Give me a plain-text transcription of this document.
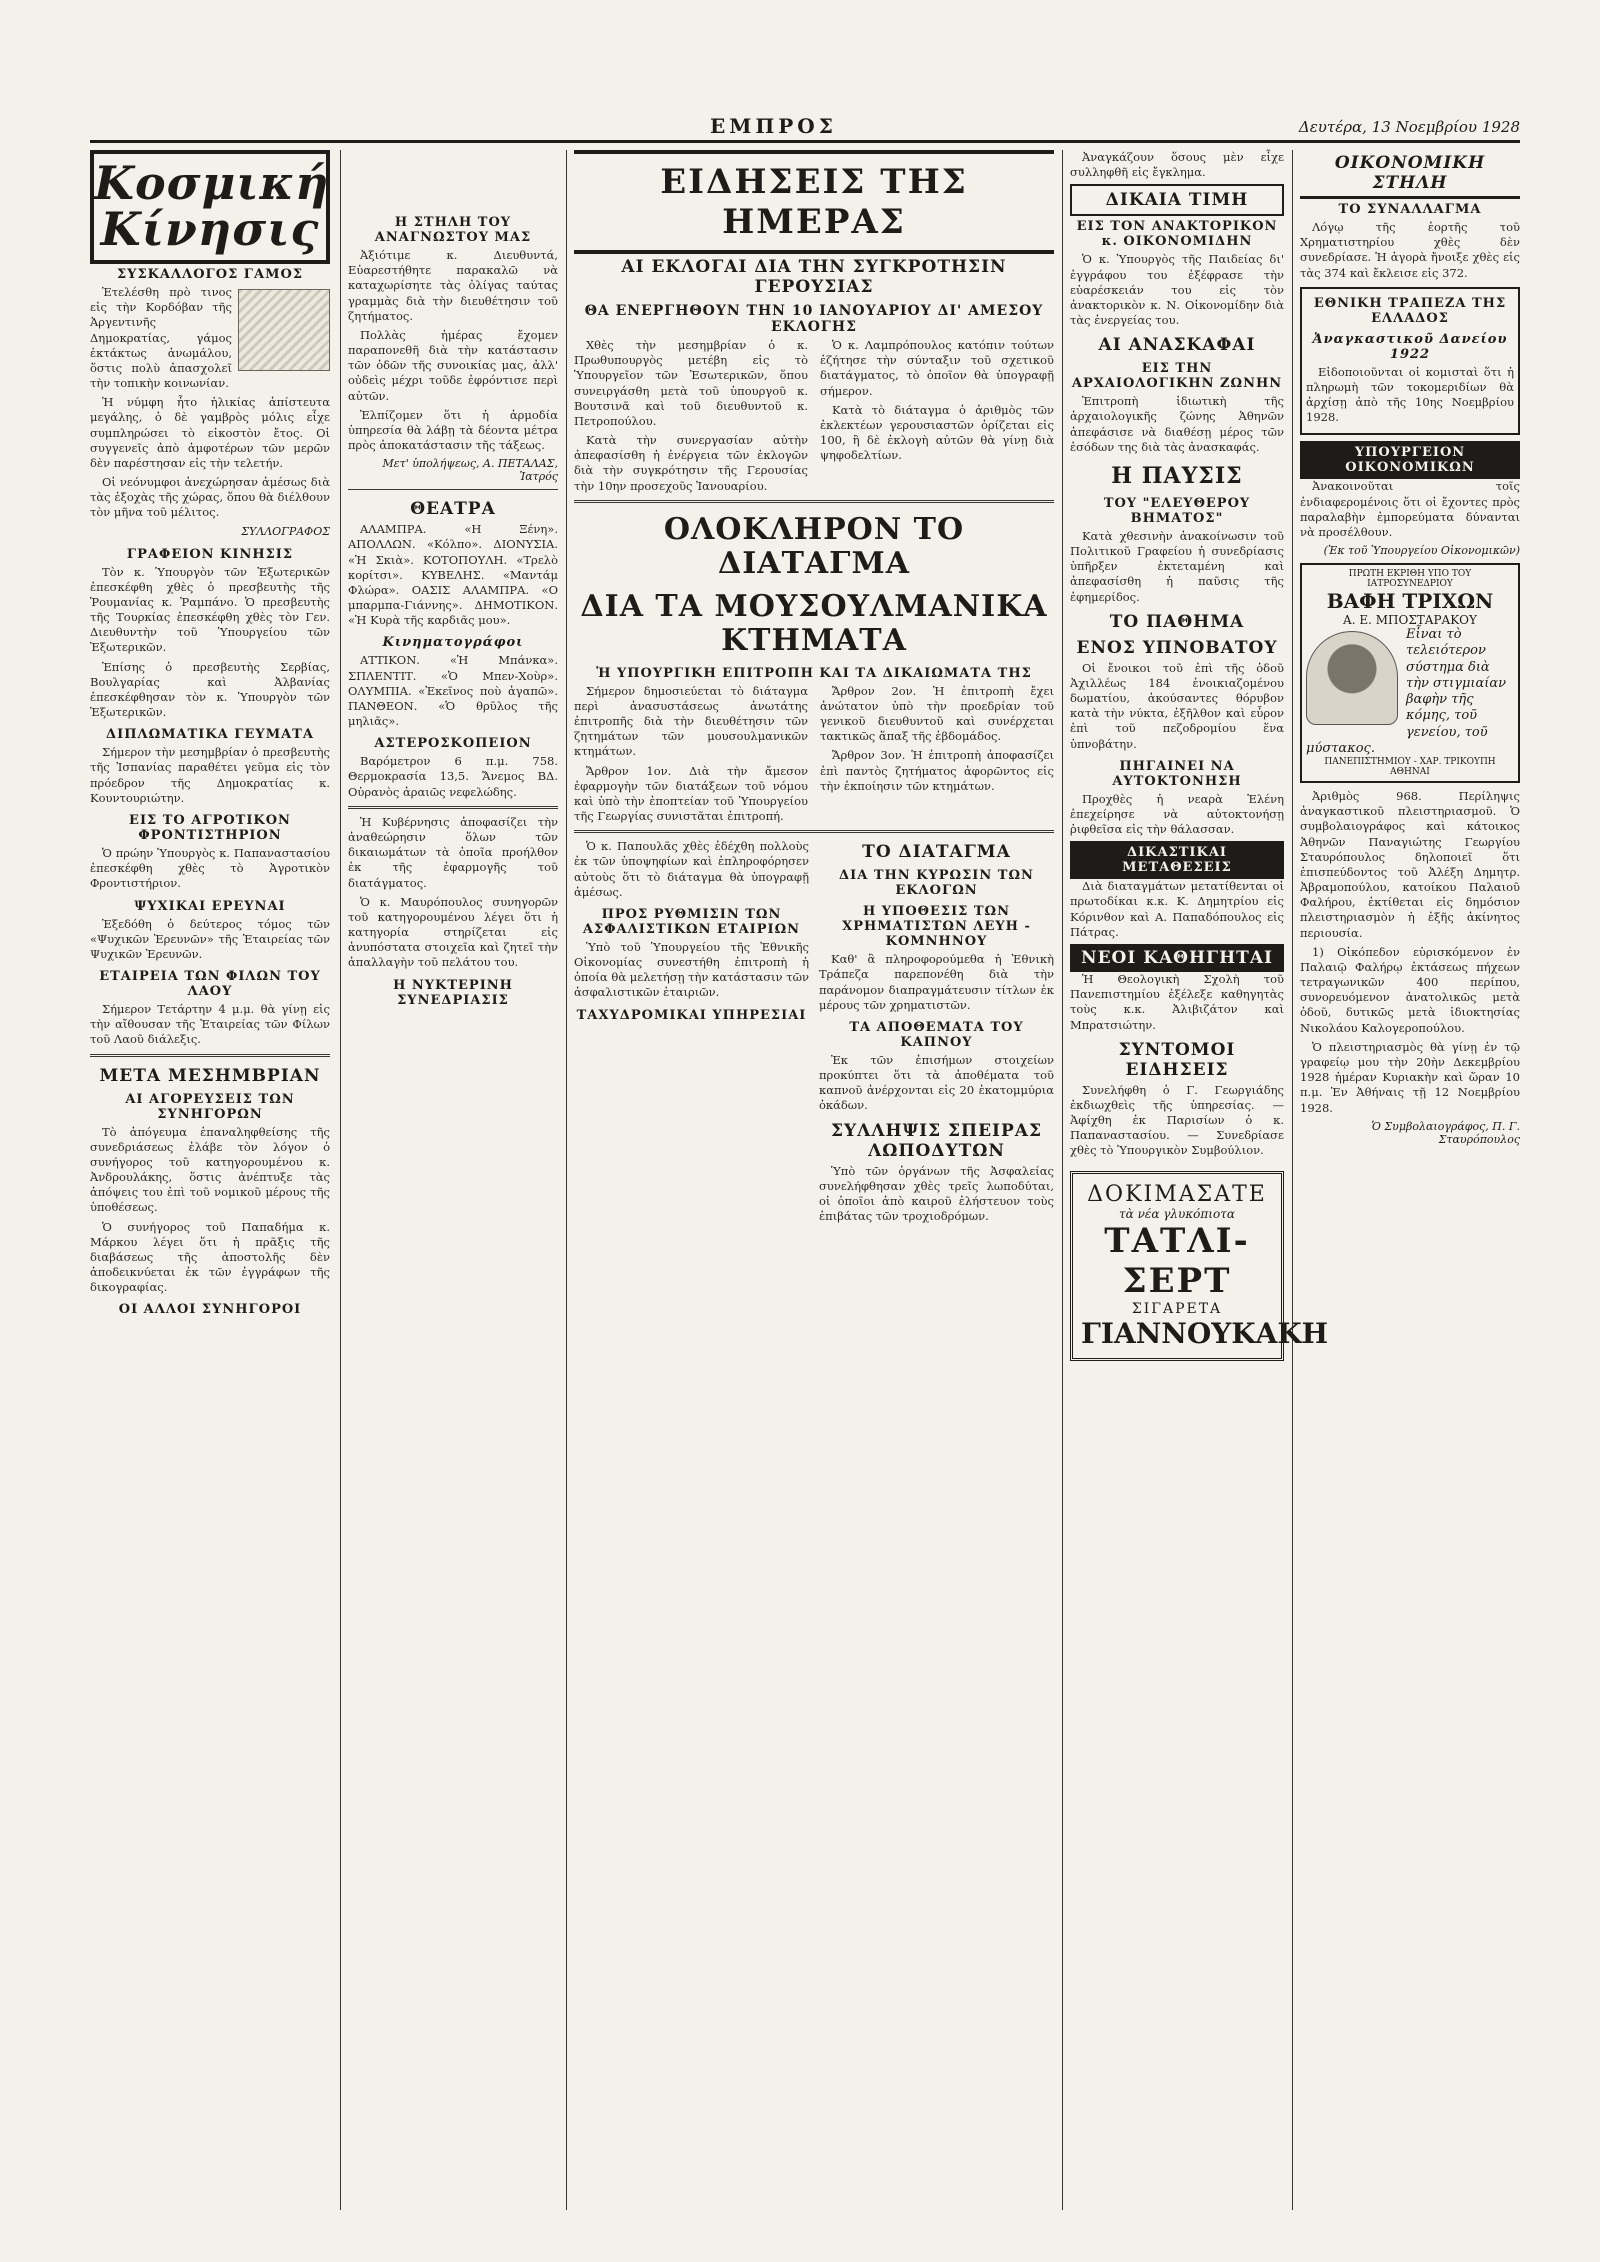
ΕΜΠΡΟΣ	Δευτέρα, 13 Νοεμβρίου 1928
Κοσμική Κίνησις
ΣΥΣΚΑΛΛΟΓΟΣ ΓΑΜΟΣ

Ἐτελέσθη πρὸ τινος εἰς τὴν Κορδόβαν τῆς Ἀργεντινῆς Δημοκρατίας, γάμος ἐκτάκτως ἀνωμάλου, ὅστις πολὺ ἀπασχολεῖ τὴν τοπικὴν κοινωνίαν.

Ἡ νύμφη ἦτο ἡλικίας ἀπίστευτα μεγάλης, ὁ δὲ γαμβρὸς μόλις εἶχε συμπληρώσει τὸ εἰκοστὸν ἔτος. Οἱ συγγενεῖς ἀπὸ ἀμφοτέρων τῶν μερῶν δὲν παρέστησαν εἰς τὴν τελετήν.

Οἱ νεόνυμφοι ἀνεχώρησαν ἀμέσως διὰ τὰς ἐξοχὰς τῆς χώρας, ὅπου θὰ διέλθουν τὸν μῆνα τοῦ μέλιτος.

ΣΥΛΛΟΓΡΑΦΟΣ
ΓΡΑΦΕΙΟΝ ΚΙΝΗΣΙΣ

Τὸν κ. Ὑπουργὸν τῶν Ἐξωτερικῶν ἐπεσκέφθη χθὲς ὁ πρεσβευτὴς τῆς Ῥουμανίας κ. Ῥαμπάνο. Ὁ πρεσβευτὴς τῆς Τουρκίας ἐπεσκέφθη χθὲς τὸν Γεν. Διευθυντὴν τοῦ Ὑπουργείου τῶν Ἐξωτερικῶν.

Ἐπίσης ὁ πρεσβευτὴς Σερβίας, Βουλγαρίας καὶ Ἀλβανίας ἐπεσκέφθησαν τὸν κ. Ὑπουργὸν τῶν Ἐξωτερικῶν.

ΔΙΠΛΩΜΑΤΙΚΑ ΓΕΥΜΑΤΑ

Σήμερον τὴν μεσημβρίαν ὁ πρεσβευτὴς τῆς Ἰσπανίας παραθέτει γεῦμα εἰς τὸν πρόεδρον τῆς Δημοκρατίας κ. Κουντουριώτην.

ΕΙΣ ΤΟ ΑΓΡΟΤΙΚΟΝ ΦΡΟΝΤΙΣΤΗΡΙΟΝ

Ὁ πρώην Ὑπουργὸς κ. Παπαναστασίου ἐπεσκέφθη χθὲς τὸ Ἀγροτικὸν Φροντιστήριον.

ΨΥΧΙΚΑΙ ΕΡΕΥΝΑΙ

Ἐξεδόθη ὁ δεύτερος τόμος τῶν «Ψυχικῶν Ἐρευνῶν» τῆς Ἑταιρείας τῶν Ψυχικῶν Ἐρευνῶν.

ΕΤΑΙΡΕΙΑ ΤΩΝ ΦΙΛΩΝ ΤΟΥ ΛΑΟΥ

Σήμερον Τετάρτην 4 μ.μ. θὰ γίνῃ εἰς τὴν αἴθουσαν τῆς Ἑταιρείας τῶν Φίλων τοῦ Λαοῦ διάλεξις.

ΜΕΤΑ ΜΕΣΗΜΒΡΙΑΝ
ΑΙ ΑΓΟΡΕΥΣΕΙΣ ΤΩΝ ΣΥΝΗΓΟΡΩΝ

Τὸ ἀπόγευμα ἐπαναληφθείσης τῆς συνεδριάσεως ἐλάβε τὸν λόγον ὁ συνήγορος τοῦ κατηγορουμένου κ. Ἀνδρουλάκης, ὅστις ἀνέπτυξε τὰς ἀπόψεις του ἐπὶ τοῦ νομικοῦ μέρους τῆς ὑποθέσεως.

Ὁ συνήγορος τοῦ Παπαδήμα κ. Μάρκου λέγει ὅτι ἡ πρᾶξις τῆς διαβάσεως τῆς ἀποστολῆς δὲν ἀποδεικνύεται ἐκ τῶν ἐγγράφων τῆς δικογραφίας.

ΟΙ ΑΛΛΟΙ ΣΥΝΗΓΟΡΟΙ
Η ΣΤΗΛΗ ΤΟΥ ΑΝΑΓΝΩΣΤΟΥ ΜΑΣ

Ἀξιότιμε κ. Διευθυντά, Εὐαρεστήθητε παρακαλῶ νὰ καταχωρίσητε τὰς ὀλίγας ταύτας γραμμὰς διὰ τὴν διευθέτησιν τοῦ ζητήματος.

Πολλὰς ἡμέρας ἔχομεν παραπονεθῆ διὰ τὴν κατάστασιν τῶν ὁδῶν τῆς συνοικίας μας, ἀλλ' οὐδεὶς μέχρι τοῦδε ἐφρόντισε περὶ αὐτῶν.

Ἐλπίζομεν ὅτι ἡ ἁρμοδία ὑπηρεσία θὰ λάβῃ τὰ δέοντα μέτρα πρὸς ἀποκατάστασιν τῆς τάξεως.

Μετ' ὑπολήψεως, Α. ΠΕΤΑΛΑΣ, Ἰατρός
ΘΕΑΤΡΑ

ΑΛΑΜΠΡΑ. «Η Ξένη». ΑΠΟΛΛΩΝ. «Κόλπο». ΔΙΟΝΥΣΙΑ. «Ἡ Σκιὰ». ΚΟΤΟΠΟΥΛΗ. «Τρελὸ κορίτσι». ΚΥΒΕΛΗΣ. «Μαντάμ Φλώρα». ΟΑΣΙΣ ΑΛΑΜΠΡΑ. «Ο μπαρμπα-Γιάννης». ΔΗΜΟΤΙΚΟΝ. «Ἡ Κυρὰ τῆς καρδιᾶς μου».

Κινηματογράφοι

ΑΤΤΙΚΟΝ. «Ἡ Μπάνκα». ΣΠΛΕΝΤΙΤ. «Ὁ Μπεν-Χοὺρ». ΟΛΥΜΠΙΑ. «Ἐκεῖνος ποὺ ἀγαπῶ». ΠΑΝΘΕΟΝ. «Ὁ θρῦλος τῆς μηλιᾶς».

ΑΣΤΕΡΟΣΚΟΠΕΙΟΝ

Βαρόμετρον 6 π.μ. 758. Θερμοκρασία 13,5. Ἄνεμος ΒΔ. Οὐρανὸς ἀραιῶς νεφελώδης.

Ἡ Κυβέρνησις ἀποφασίζει τὴν ἀναθεώρησιν ὅλων τῶν δικαιωμάτων τὰ ὁποῖα προήλθον ἐκ τῆς ἐφαρμογῆς τοῦ διατάγματος.

Ὁ κ. Μαυρόπουλος συνηγορῶν τοῦ κατηγορουμένου λέγει ὅτι ἡ κατηγορία στηρίζεται εἰς ἀνυπόστατα στοιχεῖα καὶ ζητεῖ τὴν ἀπαλλαγὴν τοῦ πελάτου του.

Η ΝΥΚΤΕΡΙΝΗ ΣΥΝΕΔΡΙΑΣΙΣ
ΕΙΔΗΣΕΙΣ ΤΗΣ ΗΜΕΡΑΣ
ΑΙ ΕΚΛΟΓΑΙ ΔΙΑ ΤΗΝ ΣΥΓΚΡΟΤΗΣΙΝ ΓΕΡΟΥΣΙΑΣ
ΘΑ ΕΝΕΡΓΗΘΟΥΝ ΤΗΝ 10 ΙΑΝΟΥΑΡΙΟΥ ΔΙ' ΑΜΕΣΟΥ ΕΚΛΟΓΗΣ

Χθὲς τὴν μεσημβρίαν ὁ κ. Πρωθυπουργὸς μετέβη εἰς τὸ Ὑπουργεῖον τῶν Ἐσωτερικῶν, ὅπου συνειργάσθη μετὰ τοῦ ὑπουργοῦ κ. Βουτσινᾶ καὶ τοῦ διευθυντοῦ κ. Πετροπούλου.

Κατὰ τὴν συνεργασίαν αὐτὴν ἀπεφασίσθη ἡ ἐνέργεια τῶν ἐκλογῶν διὰ τὴν συγκρότησιν τῆς Γερουσίας τὴν 10ην προσεχοῦς Ἰανουαρίου.

Ὁ κ. Λαμπρόπουλος κατόπιν τούτων ἐζήτησε τὴν σύνταξιν τοῦ σχετικοῦ διατάγματος, τὸ ὁποῖον θὰ ὑπογραφῇ σήμερον.

Κατὰ τὸ διάταγμα ὁ ἀριθμὸς τῶν ἐκλεκτέων γερουσιαστῶν ὁρίζεται εἰς 100, ἢ δὲ ἐκλογὴ αὐτῶν θὰ γίνῃ διὰ ψηφοδελτίων.

ΟΛΟΚΛΗΡΟΝ ΤΟ ΔΙΑΤΑΓΜΑ
ΔΙΑ ΤΑ ΜΟΥΣΟΥΛΜΑΝΙΚΑ ΚΤΗΜΑΤΑ
Ἡ ΥΠΟΥΡΓΙΚΗ ΕΠΙΤΡΟΠΗ ΚΑΙ ΤΑ ΔΙΚΑΙΩΜΑΤΑ ΤΗΣ

Σήμερον δημοσιεύεται τὸ διάταγμα περὶ ἀνασυστάσεως ἀνωτάτης ἐπιτροπῆς διὰ τὴν διευθέτησιν τῶν ζητημάτων τῶν μουσουλμανικῶν κτημάτων.

Ἄρθρον 1ον. Διὰ τὴν ἄμεσον ἐφαρμογὴν τῶν διατάξεων τοῦ νόμου καὶ ὑπὸ τὴν ἐποπτείαν τοῦ Ὑπουργείου τῆς Γεωργίας συνιστᾶται ἐπιτροπή.

Ἄρθρον 2ον. Ἡ ἐπιτροπὴ ἔχει ἀνώτατον ὑπὸ τὴν προεδρίαν τοῦ γενικοῦ διευθυντοῦ καὶ συνέρχεται τακτικῶς ἅπαξ τῆς ἑβδομάδος.

Ἄρθρον 3ον. Ἡ ἐπιτροπὴ ἀποφασίζει ἐπὶ παντὸς ζητήματος ἀφορῶντος εἰς τὴν ἐκποίησιν τῶν κτημάτων.

Ὁ κ. Παπουλᾶς χθὲς ἐδέχθη πολλοὺς ἐκ τῶν ὑποψηφίων καὶ ἐπληροφόρησεν αὐτοὺς ὅτι τὸ διάταγμα θὰ ὑπογραφῇ ἀμέσως.

ΠΡΟΣ ΡΥΘΜΙΣΙΝ ΤΩΝ ΑΣΦΑΛΙΣΤΙΚΩΝ ΕΤΑΙΡΙΩΝ

Ὑπὸ τοῦ Ὑπουργείου τῆς Ἐθνικῆς Οἰκονομίας συνεστήθη ἐπιτροπὴ ἡ ὁποία θὰ μελετήσῃ τὴν κατάστασιν τῶν ἀσφαλιστικῶν ἑταιριῶν.

ΤΑΧΥΔΡΟΜΙΚΑΙ ΥΠΗΡΕΣΙΑΙ
ΤΟ ΔΙΑΤΑΓΜΑ
ΔΙΑ ΤΗΝ ΚΥΡΩΣΙΝ ΤΩΝ ΕΚΛΟΓΩΝ
Η ΥΠΟΘΕΣΙΣ ΤΩΝ ΧΡΗΜΑΤΙΣΤΩΝ ΛΕΥΗ - ΚΟΜΝΗΝΟΥ

Καθ' ἃ πληροφορούμεθα ἡ Ἐθνικὴ Τράπεζα παρεπονέθη διὰ τὴν παράνομον διαπραγμάτευσιν τίτλων ἐκ μέρους τῶν χρηματιστῶν.

ΤΑ ΑΠΟΘΕΜΑΤΑ ΤΟΥ ΚΑΠΝΟΥ

Ἐκ τῶν ἐπισήμων στοιχείων προκύπτει ὅτι τὰ ἀποθέματα τοῦ καπνοῦ ἀνέρχονται εἰς 20 ἑκατομμύρια ὀκάδων.

ΣΥΛΛΗΨΙΣ ΣΠΕΙΡΑΣ ΛΩΠΟΔΥΤΩΝ

Ὑπὸ τῶν ὀργάνων τῆς Ἀσφαλείας συνελήφθησαν χθὲς τρεῖς λωποδύται, οἱ ὁποῖοι ἀπὸ καιροῦ ἐλήστευον τοὺς ἐπιβάτας τῶν τροχιοδρόμων.

Ἀναγκάζουν ὅσους μὲν εἶχε συλληφθῆ εἰς ἔγκλημα.

ΔΙΚΑΙΑ ΤΙΜΗ
ΕΙΣ ΤΟΝ ΑΝΑΚΤΟΡΙΚΟΝ κ. ΟΙΚΟΝΟΜΙΔΗΝ

Ὁ κ. Ὑπουργὸς τῆς Παιδείας δι' ἐγγράφου του ἐξέφρασε τὴν εὐαρέσκειάν του εἰς τὸν ἀνακτορικὸν κ. Ν. Οἰκονομίδην διὰ τὰς ἐνεργείας του.

ΑΙ ΑΝΑΣΚΑΦΑΙ
ΕΙΣ ΤΗΝ ΑΡΧΑΙΟΛΟΓΙΚΗΝ ΖΩΝΗΝ

Ἐπιτροπὴ ἰδιωτικὴ τῆς ἀρχαιολογικῆς ζώνης Ἀθηνῶν ἀπεφάσισε νὰ διαθέσῃ μέρος τῶν ἐσόδων της διὰ τὰς ἀνασκαφάς.

Η ΠΑΥΣΙΣ
ΤΟΥ "ΕΛΕΥΘΕΡΟΥ ΒΗΜΑΤΟΣ"

Κατὰ χθεσινὴν ἀνακοίνωσιν τοῦ Πολιτικοῦ Γραφείου ἡ συνεδρίασις ὑπῆρξεν ἐκτεταμένη καὶ ἀπεφασίσθη ἡ παῦσις τῆς ἐφημερίδος.

ΤΟ ΠΑΘΗΜΑ
ΕΝΟΣ ΥΠΝΟΒΑΤΟΥ

Οἱ ἔνοικοι τοῦ ἐπὶ τῆς ὁδοῦ Ἀχιλλέως 184 ἐνοικιαζομένου δωματίου, ἀκούσαντες θόρυβον κατὰ τὴν νύκτα, ἐξῆλθον καὶ εὗρον ἐπὶ τοῦ πεζοδρομίου ἕνα ὑπνοβάτην.

ΠΗΓΑΙΝΕΙ ΝΑ ΑΥΤΟΚΤΟΝΗΣΗ

Προχθὲς ἡ νεαρὰ Ἑλένη ἐπεχείρησε νὰ αὐτοκτονήσῃ ῥιφθεῖσα εἰς τὴν θάλασσαν.

ΔΙΚΑΣΤΙΚΑΙ ΜΕΤΑΘΕΣΕΙΣ

Διὰ διαταγμάτων μετατίθενται οἱ πρωτοδίκαι κ.κ. Κ. Δημητρίου εἰς Κόρινθον καὶ Α. Παπαδόπουλος εἰς Πάτρας.

ΝΕΟΙ ΚΑΘΗΓΗΤΑΙ

Ἡ Θεολογικὴ Σχολὴ τοῦ Πανεπιστημίου ἐξέλεξε καθηγητὰς τοὺς κ.κ. Ἀλιβιζάτον καὶ Μπρατσιώτην.

ΣΥΝΤΟΜΟΙ ΕΙΔΗΣΕΙΣ

Συνελήφθη ὁ Γ. Γεωργιάδης ἐκδιωχθεὶς τῆς ὑπηρεσίας. — Ἀφίχθη ἐκ Παρισίων ὁ κ. Παπαναστασίου. — Συνεδρίασε χθὲς τὸ Ὑπουργικὸν Συμβούλιον.

ΔΟΚΙΜΑΣΑΤΕ
τὰ νέα γλυκόπιοτα
ΤΑΤΛΙ-ΣΕΡΤ
ΣΙΓΑΡΕΤΑ
ΓΙΑΝΝΟΥΚΑΚΗ
ΟΙΚΟΝΟΜΙΚΗ ΣΤΗΛΗ
ΤΟ ΣΥΝΑΛΛΑΓΜΑ

Λόγῳ τῆς ἑορτῆς τοῦ Χρηματιστηρίου χθὲς δὲν συνεδρίασε. Ἡ ἀγορὰ ἤνοιξε χθὲς εἰς τὰς 374 καὶ ἔκλεισε εἰς 372.

ΕΘΝΙΚΗ ΤΡΑΠΕΖΑ ΤΗΣ ΕΛΛΑΔΟΣ
Ἀναγκαστικοῦ Δανείου 1922

Εἰδοποιοῦνται οἱ κομισταὶ ὅτι ἡ πληρωμὴ τῶν τοκομεριδίων θὰ ἀρχίσῃ ἀπὸ τῆς 10ης Νοεμβρίου 1928.

ΥΠΟΥΡΓΕΙΟΝ ΟΙΚΟΝΟΜΙΚΩΝ

Ἀνακοινοῦται τοῖς ἐνδιαφερομένοις ὅτι οἱ ἔχοντες πρὸς παραλαβὴν ἐμπορεύματα δύνανται νὰ προσέλθουν.

(Ἐκ τοῦ Ὑπουργείου Οἰκονομικῶν)
ΠΡΩΤΗ ΕΚΡΙΘΗ ΥΠΟ ΤΟΥ ΙΑΤΡΟΣΥΝΕΔΡΙΟΥ
ΒΑΦΗ ΤΡΙΧΩΝ
Α. Ε. ΜΠΟΣΤΑΡΑΚΟΥ
Εἶναι τὸ τελειότερον σύστημα διὰ τὴν στιγμιαίαν βαφὴν τῆς κόμης, τοῦ γενείου, τοῦ μύστακος.
ΠΑΝΕΠΙΣΤΗΜΙΟΥ - ΧΑΡ. ΤΡΙΚΟΥΠΗ ΑΘΗΝΑΙ

Ἀριθμὸς 968. Περίληψις ἀναγκαστικοῦ πλειστηριασμοῦ. Ὁ συμβολαιογράφος καὶ κάτοικος Ἀθηνῶν Παναγιώτης Γεωργίου Σταυρόπουλος δηλοποιεῖ ὅτι ἐπισπεύδοντος τοῦ Ἀλέξη Δημητρ. Ἀβραμοπούλου, κατοίκου Παλαιοῦ Φαλήρου, ἐκτίθεται εἰς δημόσιον πλειστηριασμὸν ἡ ἑξῆς ἀκίνητος περιουσία.

1) Οἰκόπεδον εὑρισκόμενον ἐν Παλαιῷ Φαλήρῳ ἐκτάσεως πήχεων τετραγωνικῶν 400 περίπου, συνορευόμενον ἀνατολικῶς μετὰ ὁδοῦ, δυτικῶς μετὰ ἰδιοκτησίας Νικολάου Καλογεροπούλου.

Ὁ πλειστηριασμὸς θὰ γίνῃ ἐν τῷ γραφείῳ μου τὴν 20ὴν Δεκεμβρίου 1928 ἡμέραν Κυριακὴν καὶ ὥραν 10 π.μ. Ἐν Ἀθήναις τῇ 12 Νοεμβρίου 1928.

Ὁ Συμβολαιογράφος, Π. Γ. Σταυρόπουλος
